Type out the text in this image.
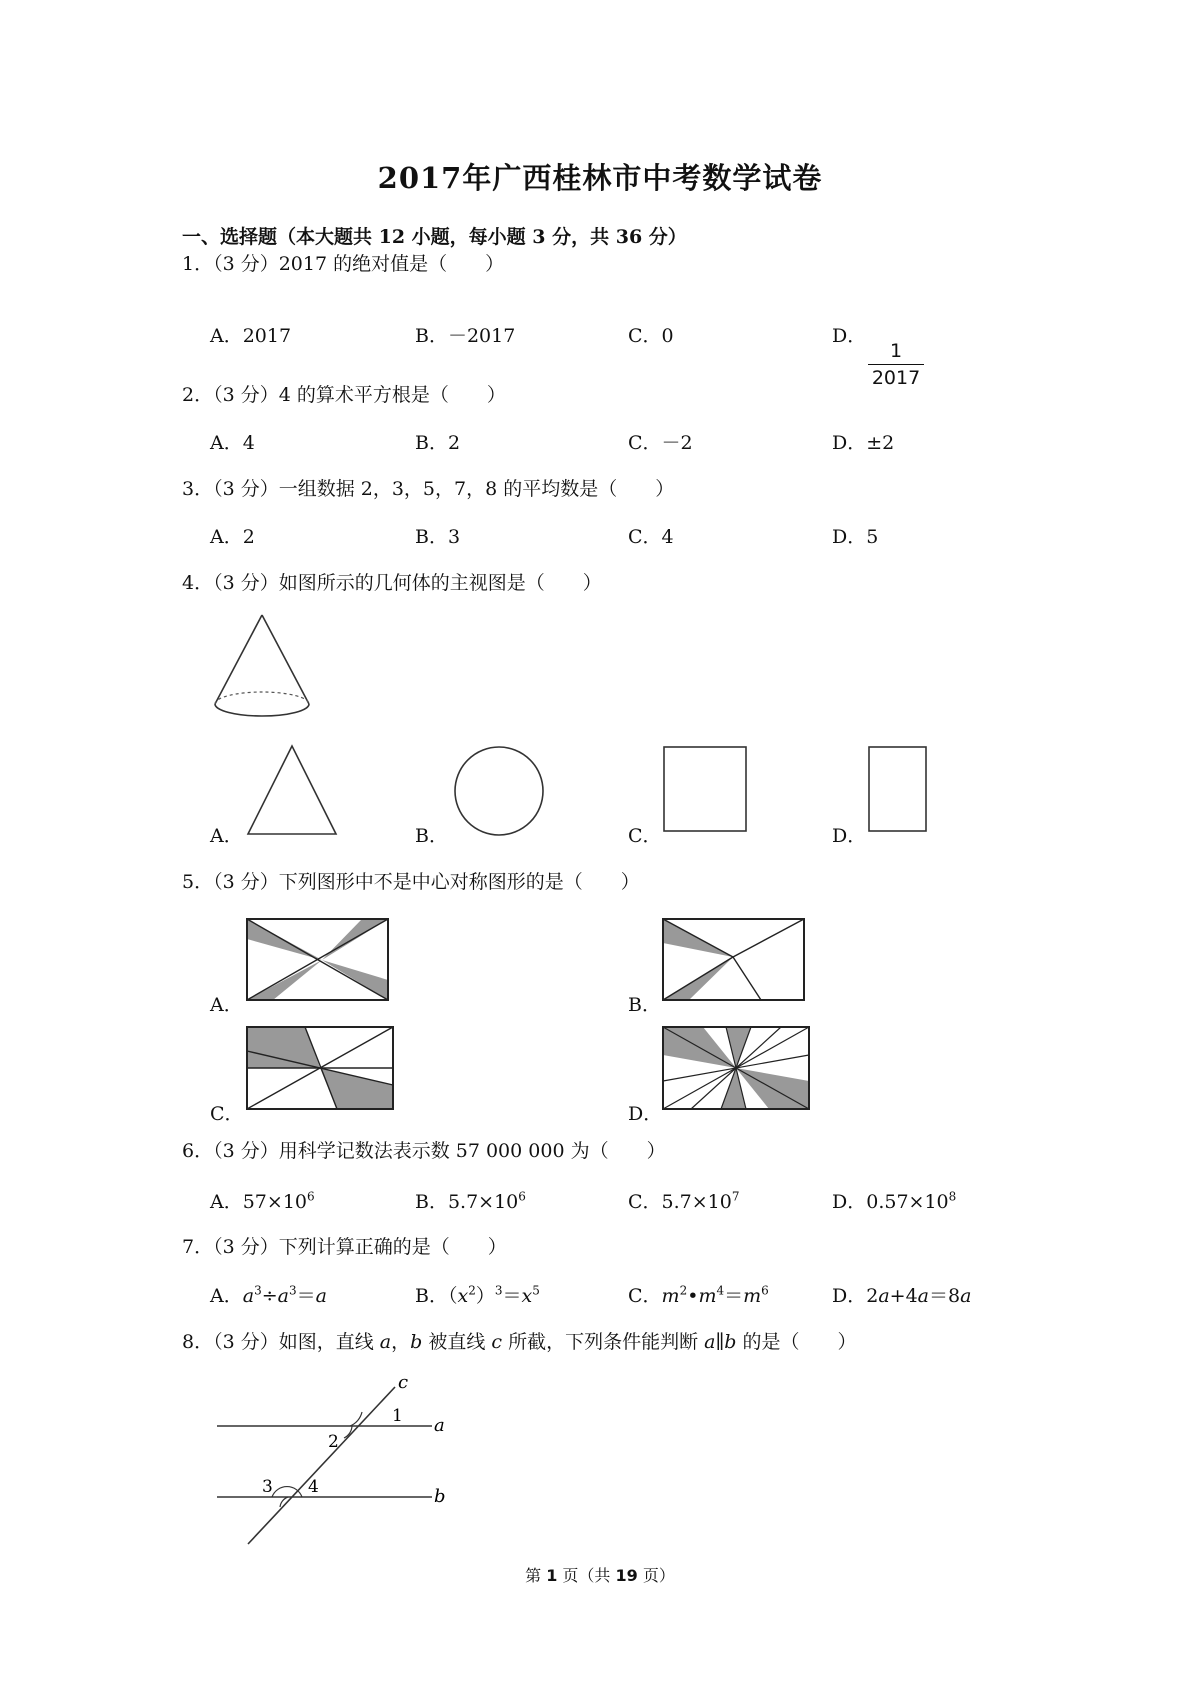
2017年广西桂林市中考数学试卷
一、选择题（本大题共 12 小题，每小题 3 分，共 36 分）
1．（3 分）2017 的绝对值是（　　）
A．2017	B．－2017	C．0	D．
1
2017
2．（3 分）4 的算术平方根是（　　）
A．4	B．2	C．－2	D．±2
3．（3 分）一组数据 2，3，5，7，8 的平均数是（　　）
A．2	B．3	C．4	D．5
4．（3 分）如图所示的几何体的主视图是（　　）
A．	B．	C．	D．
5．（3 分）下列图形中不是中心对称图形的是（　　）
A．	B．
C．	D．
6．（3 分）用科学记数法表示数 57 000 000 为（　　）
A．$57\times 10^6$	B．$5.7\times 10^6$	C．$5.7\times 10^7$	D．$0.57\times 10^8$
7．（3 分）下列计算正确的是（　　）
A．$a^3\div a^3=a$	B．$(x^2)^3=x^5$	C．$m^2•m^4=m^6$	D．2a+4a＝8a
8．（3 分）如图，直线 a，b 被直线 c 所截，下列条件能判断 a∥b 的是（　　）
c
a
b
1
2
3 4
第 1 页（共 19 页）
